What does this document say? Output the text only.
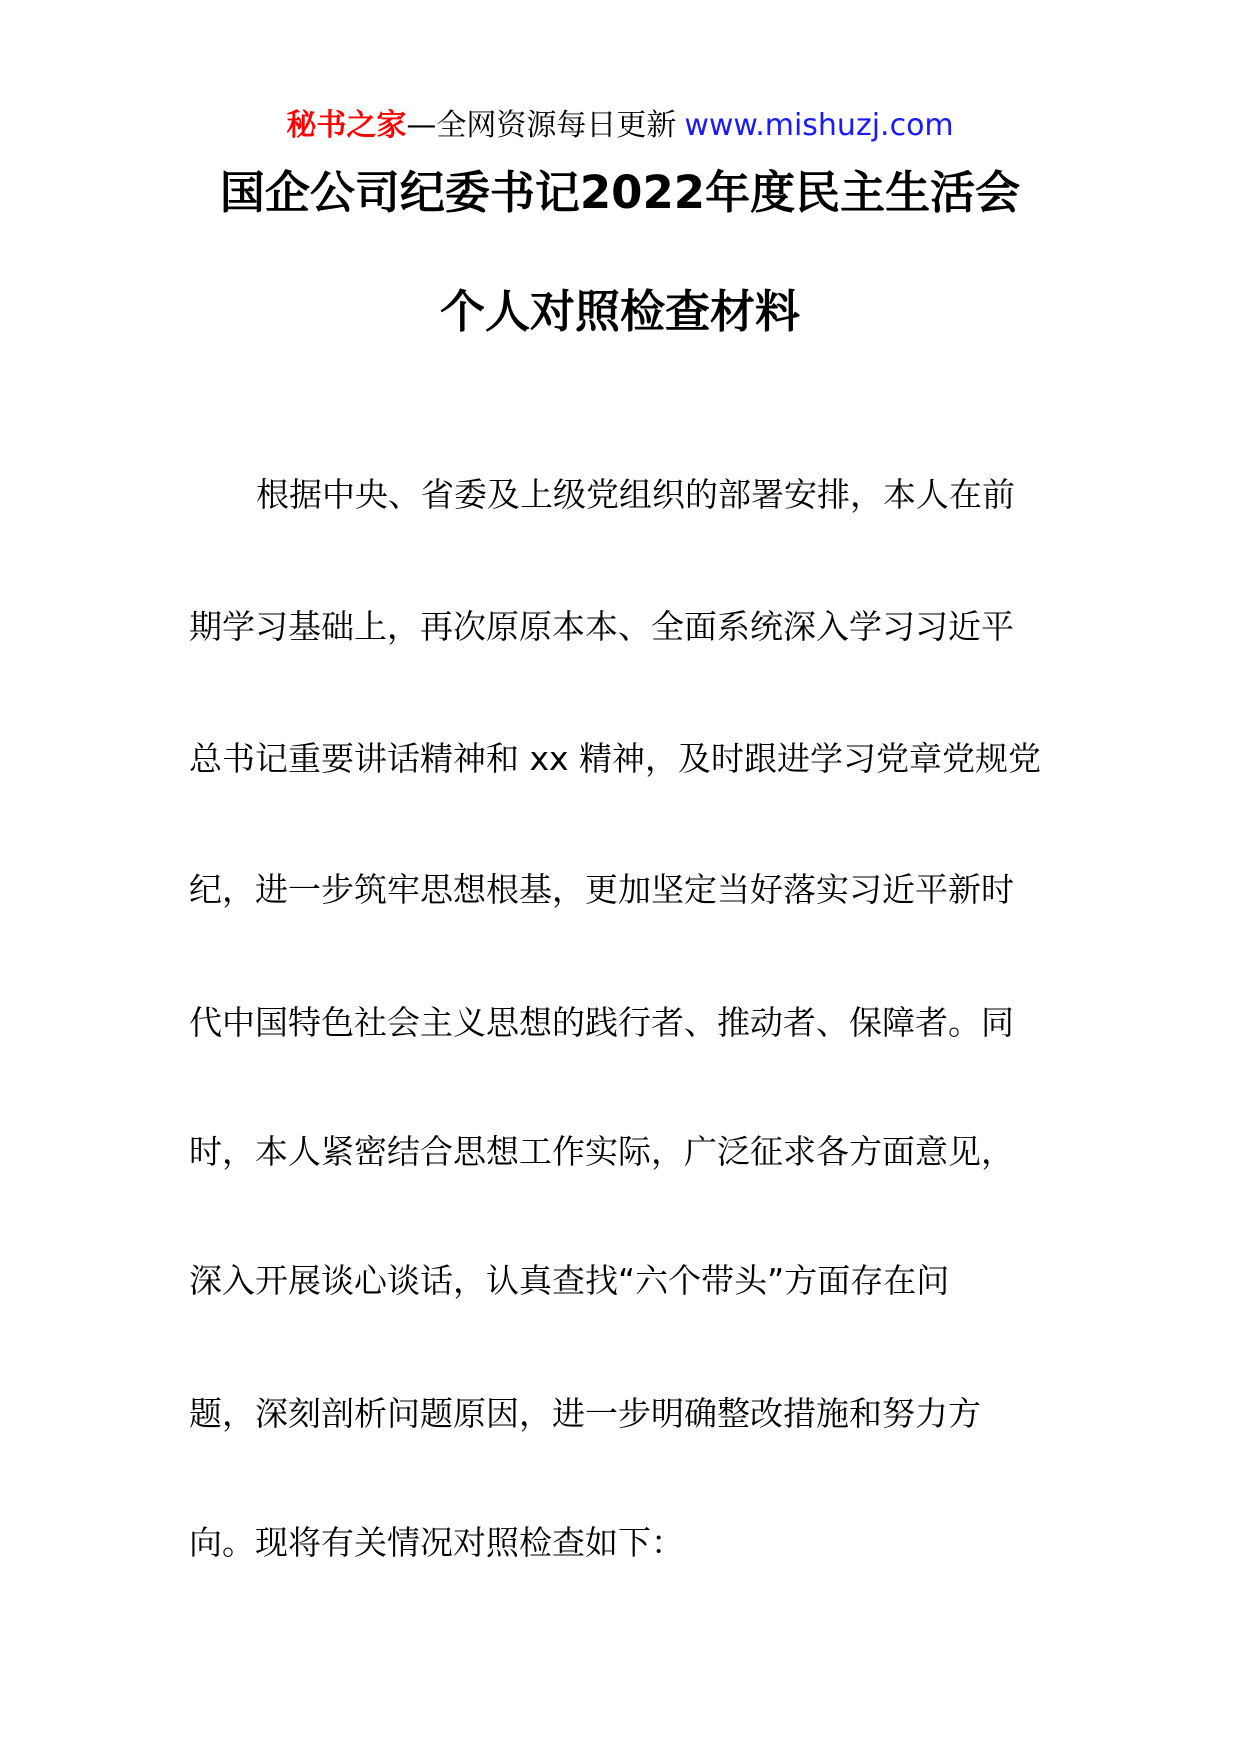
秘书之家—全网资源每日更新 www.mishuzj.com
国企公司纪委书记2022年度民主生活会
个人对照检查材料
根据中央、省委及上级党组织的部署安排，本人在前
期学习基础上，再次原原本本、全面系统深入学习习近平
总书记重要讲话精神和 xx 精神，及时跟进学习党章党规党
纪，进一步筑牢思想根基，更加坚定当好落实习近平新时
代中国特色社会主义思想的践行者、推动者、保障者。同
时，本人紧密结合思想工作实际，广泛征求各方面意见，
深入开展谈心谈话，认真查找“六个带头”方面存在问
题，深刻剖析问题原因，进一步明确整改措施和努力方
向。现将有关情况对照检查如下：
